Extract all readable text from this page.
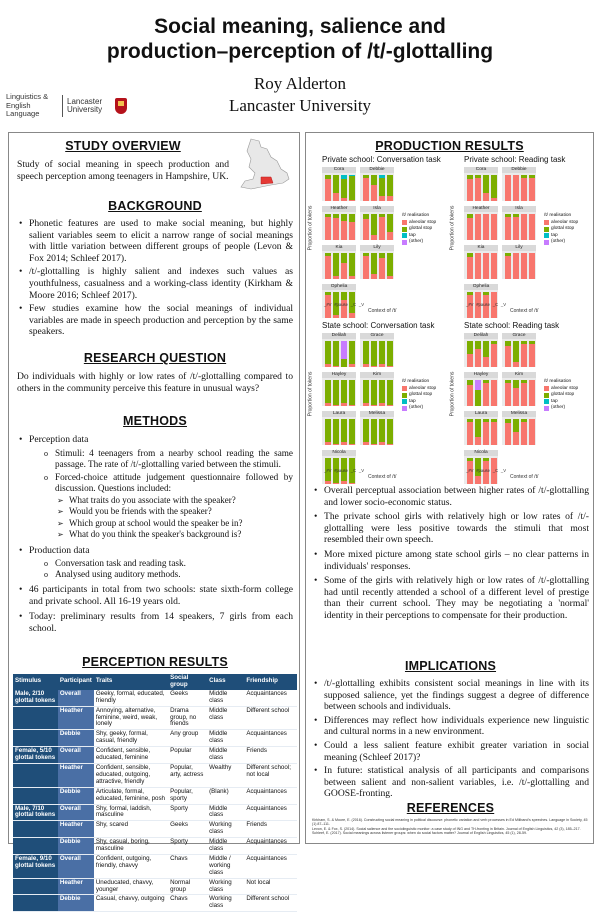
Social meaning, salience and
production–perception of /t/-glottalling
Roy Alderton
Lancaster University
Linguistics & English Language
Lancaster University
STUDY OVERVIEW
Study of social meaning in speech production and speech perception among teenagers in Hampshire, UK.
BACKGROUND
• Phonetic features are used to make social meaning, but highly salient variables seem to elicit a narrow range of social meanings with little variation between different groups of people (Levon & Fox 2014; Schleef 2017).
• /t/-glottalling is highly salient and indexes such values as youthfulness, casualness and a working-class identity (Kirkham & Moore 2016; Schleef 2017).
• Few studies examine how the social meanings of individual variables are made in speech production and perception by the same speakers.
RESEARCH QUESTION
Do individuals with highly or low rates of /t/-glottalling compared to others in the community perceive this feature in unusual ways?
METHODS
• Perception data
o Stimuli: 4 teenagers from a nearby school reading the same passage. The rate of /t/-glottalling varied between the stimuli.
o Forced-choice attitude judgement questionnaire followed by discussion. Questions included:
➢ What traits do you associate with the speaker?
➢ Would you be friends with the speaker?
➢ Which group at school would the speaker be in?
➢ What do you think the speaker's background is?
• Production data
o Conversation task and reading task.
o Analysed using auditory methods.
• 46 participants in total from two schools: state sixth-form college and private school. All 16-19 years old.
• Today: preliminary results from 14 speakers, 7 girls from each school.
PERCEPTION RESULTS
Stimulus	Participant	Traits	Social group	Class	Friendship
Male, 2/10 glottal tokens	Overall	Geeky, formal, educated, friendly	Geeks	Middle class	Acquaintances
	Heather	Annoying, alternative, feminine, weird, weak, lonely	Drama group, no friends	Middle class	Different school
	Debbie	Shy, geeky, formal, casual, friendly	Any group	Middle class	Acquaintances
Female, 5/10 glottal tokens	Overall	Confident, sensible, educated, feminine	Popular	Middle class	Friends
	Heather	Confident, sensible, educated, outgoing, attractive, friendly	Popular, arty, actress	Wealthy	Different school; not local
	Debbie	Articulate, formal, educated, feminine, posh	Popular, sporty	(Blank)	Acquaintances
Male, 7/10 glottal tokens	Overall	Shy, formal, laddish, masculine	Sporty	Middle class	Acquaintances
	Heather	Shy, scared	Geeks	Working class	Friends
	Debbie	Shy, casual, boring, masculine	Sporty	Middle class	Acquaintances
Female, 9/10 glottal tokens	Overall	Confident, outgoing, friendly, chavvy	Chavs	Middle / working class	Acquaintances
	Heather	Uneducated, chavvy, younger	Normal group	Working class	Not local
	Debbie	Casual, chavvy, outgoing	Chavs	Working class	Different school
PRODUCTION RESULTS
Private school: Conversation task
Proportion of tokens
Cora	Debbie
Heather	Isla
Kia	Lily
Ophelia
_#V #pause _C _V
Context of /t/
/t/ realisation
alveolar stop
glottal stop
tap
(other)
Private school: Reading task
Proportion of tokens
Cora	Debbie
Heather	Isla
Kia	Lily
Ophelia
_#V #pause _C _V
Context of /t/
/t/ realisation
alveolar stop
glottal stop
tap
(other)
State school: Conversation task
Proportion of tokens
Delilah	Grace
Hayley	Kim
Laura	Melissa
Nicola
_#V #pause _C _V
Context of /t/
/t/ realisation
alveolar stop
glottal stop
tap
(other)
State school: Reading task
Proportion of tokens
Delilah	Grace
Hayley	Kim
Laura	Melissa
Nicola
_#V #pause _C _V
Context of /t/
/t/ realisation
alveolar stop
glottal stop
tap
(other)
• Overall perceptual association between higher rates of /t/-glottalling and lower socio-economic status.
• The private school girls with relatively high or low rates of /t/-glottalling were less positive towards the stimuli that most resembled their own speech.
• More mixed picture among state school girls – no clear patterns in individuals' responses.
• Some of the girls with relatively high or low rates of /t/-glottalling had until recently attended a school of a different level of prestige than their current school. They may be negotiating a 'normal' identity in their perceptions to compensate for their production.
IMPLICATIONS
• /t/-glottalling exhibits consistent social meanings in line with its supposed salience, yet the findings suggest a degree of difference between schools and individuals.
• Differences may reflect how individuals experience new linguistic and cultural norms in a new environment.
• Could a less salient feature exhibit greater variation in social meaning (Schleef 2017)?
• In future: statistical analysis of all participants and comparisons between salient and non-salient variables, i.e. /t/-glottalling and GOOSE-fronting.
REFERENCES
Kirkham, S. & Moore, E. (2016). Constructing social meaning in political discourse: phonetic variation and verb processes in Ed Miliband's speeches. Language in Society, 45 (1) 87–111.
Levon, E. & Fox, S. (2014). Social salience and the sociolinguistic monitor: a case study of ING and TH-fronting in Britain. Journal of English Linguistics, 42 (3), 185–217.
Schleef, E. (2017). Social meanings across listener groups: when do social factors matter? Journal of English Linguistics, 45 (1), 28-59.
